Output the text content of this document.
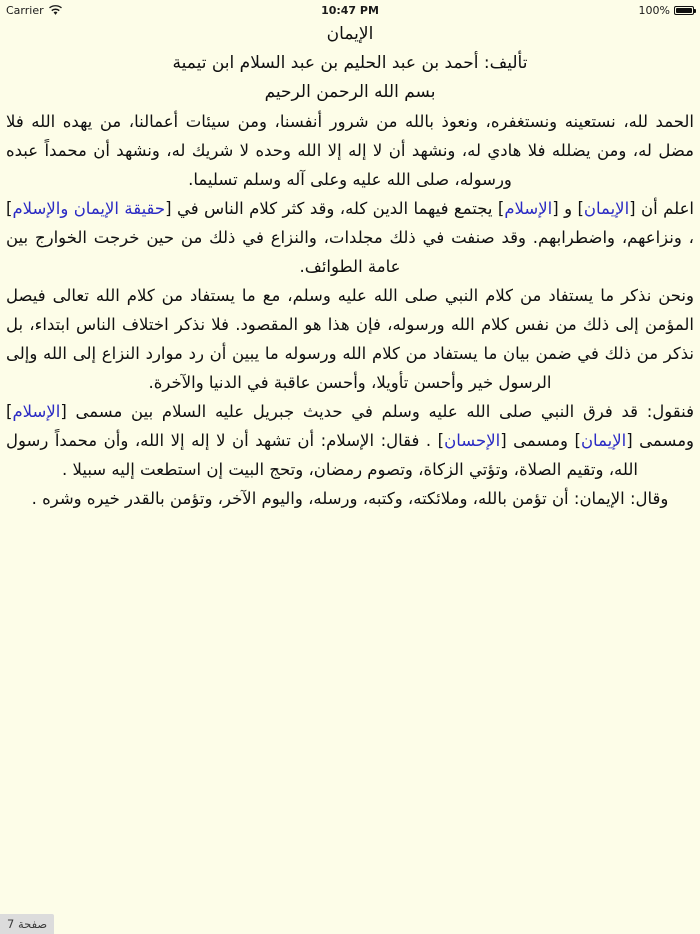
Carrier	10:47 PM	100%
الإيمان
تأليف: أحمد بن عبد الحليم بن عبد السلام ابن تيمية
بسم الله الرحمن الرحيم

الحمد لله، نستعينه ونستغفره، ونعوذ بالله من شرور أنفسنا، ومن سيئات أعمالنا، من يهده الله فلا مضل له، ومن يضلله فلا هادي له، ونشهد أن لا إله إلا الله وحده لا شريك له، ونشهد أن محمداً عبده ورسوله، صلى الله عليه وعلى آله وسلم تسليما.

اعلم أن [الإيمان] و [الإسلام] يجتمع فيهما الدين كله، وقد كثر كلام الناس في [حقيقة الإيمان والإسلام] ، ونزاعهم، واضطرابهم. وقد صنفت في ذلك مجلدات، والنزاع في ذلك من حين خرجت الخوارج بين عامة الطوائف.

ونحن نذكر ما يستفاد من كلام النبي صلى الله عليه وسلم، مع ما يستفاد من كلام الله تعالى فيصل المؤمن إلى ذلك من نفس كلام الله ورسوله، فإن هذا هو المقصود. فلا نذكر اختلاف الناس ابتداء، بل نذكر من ذلك في ضمن بيان ما يستفاد من كلام الله ورسوله ما يبين أن رد موارد النزاع إلى الله وإلى الرسول خير وأحسن تأويلا، وأحسن عاقبة في الدنيا والآخرة.

فنقول: قد فرق النبي صلى الله عليه وسلم في حديث جبريل عليه السلام بين مسمى [الإسلام] ومسمى [الإيمان] ومسمى [الإحسان] . فقال: الإسلام: أن تشهد أن لا إله إلا الله، وأن محمداً رسول الله، وتقيم الصلاة، وتؤتي الزكاة، وتصوم رمضان، وتحج البيت إن استطعت إليه سبيلا .

وقال: الإيمان: أن تؤمن بالله، وملائكته، وكتبه، ورسله، واليوم الآخر، وتؤمن بالقدر خيره وشره .

صفحة 7
